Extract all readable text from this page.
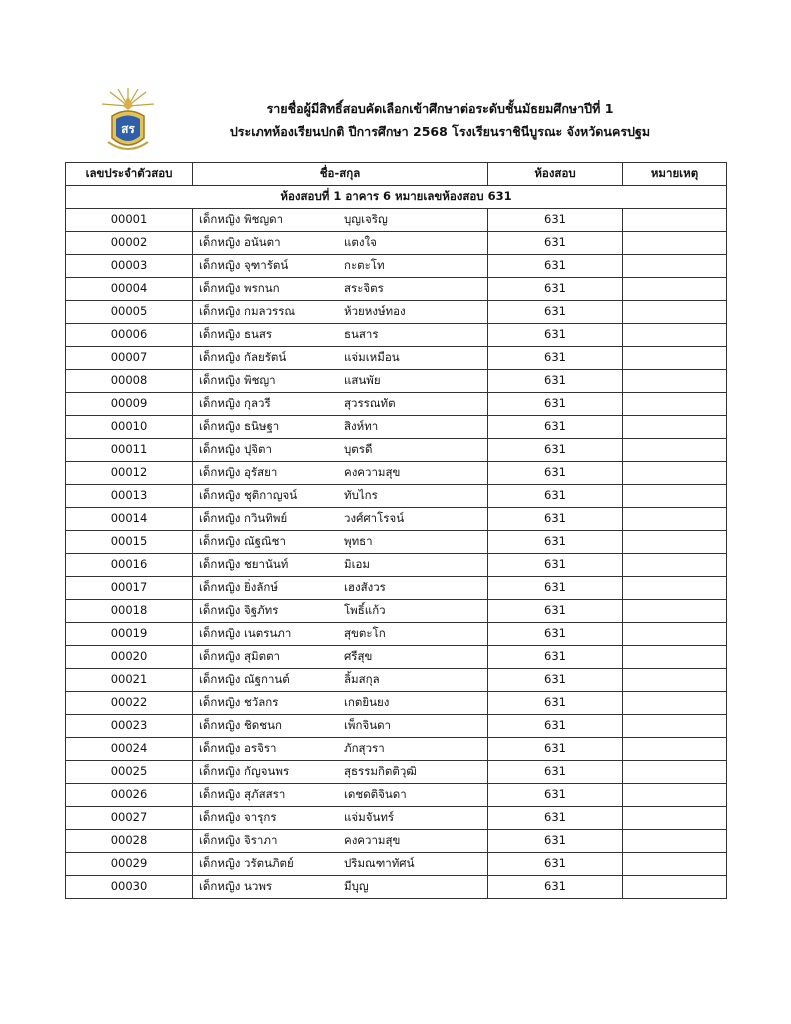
สร
รายชื่อผู้มีสิทธิ์สอบคัดเลือกเข้าศึกษาต่อระดับชั้นมัธยมศึกษาปีที่ 1
ประเภทห้องเรียนปกติ ปีการศึกษา 2568 โรงเรียนราชินีบูรณะ จังหวัดนครปฐม
เลขประจำตัวสอบ	ชื่อ-สกุล	ห้องสอบ	หมายเหตุ
ห้องสอบที่ 1 อาคาร 6 หมายเลขห้องสอบ 631			
00001	เด็กหญิง พิชญดา บุญเจริญ	631	
00002	เด็กหญิง อนันตา แตงใจ	631	
00003	เด็กหญิง จุฑารัตน์ กะตะโท	631	
00004	เด็กหญิง พรกนก สระจิตร	631	
00005	เด็กหญิง กมลวรรณ ห้วยหงษ์ทอง	631	
00006	เด็กหญิง ธนสร ธนสาร	631	
00007	เด็กหญิง กัลยรัตน์ แจ่มเหมือน	631	
00008	เด็กหญิง พิชญา แสนพัย	631	
00009	เด็กหญิง กุลวรี สุวรรณทัต	631	
00010	เด็กหญิง ธนิษฐา สิงห์ทา	631	
00011	เด็กหญิง ปุจิตา บุตรดี	631	
00012	เด็กหญิง อุรัสยา คงความสุข	631	
00013	เด็กหญิง ชุติกาญจน์ ทับไกร	631	
00014	เด็กหญิง กวินทิพย์ วงศ์ศาโรจน์	631	
00015	เด็กหญิง ณัฐณิชา พุทธา	631	
00016	เด็กหญิง ชยานันท์ มิเอม	631	
00017	เด็กหญิง ยิ่งลักษ์ เฮงสังวร	631	
00018	เด็กหญิง จิฐภัทร โพธิ์แก้ว	631	
00019	เด็กหญิง เนตรนภา สุขตะโก	631	
00020	เด็กหญิง สุมิตตา ศรีสุข	631	
00021	เด็กหญิง ณัฐกานต์ ลิ้มสกุล	631	
00022	เด็กหญิง ชวัลกร เกตยินยง	631	
00023	เด็กหญิง ชิดชนก เพ็กจินดา	631	
00024	เด็กหญิง อรจิรา ภักสุวรา	631	
00025	เด็กหญิง กัญจนพร สุธรรมกิตติวุฒิ	631	
00026	เด็กหญิง สุภัสสรา เดชดติจินดา	631	
00027	เด็กหญิง จารุกร แจ่มจันทร์	631	
00028	เด็กหญิง จิราภา คงความสุข	631	
00029	เด็กหญิง วรัตนภิตย์ ปริมณฑาทัศน์	631	
00030	เด็กหญิง นวพร มีบุญ	631	
